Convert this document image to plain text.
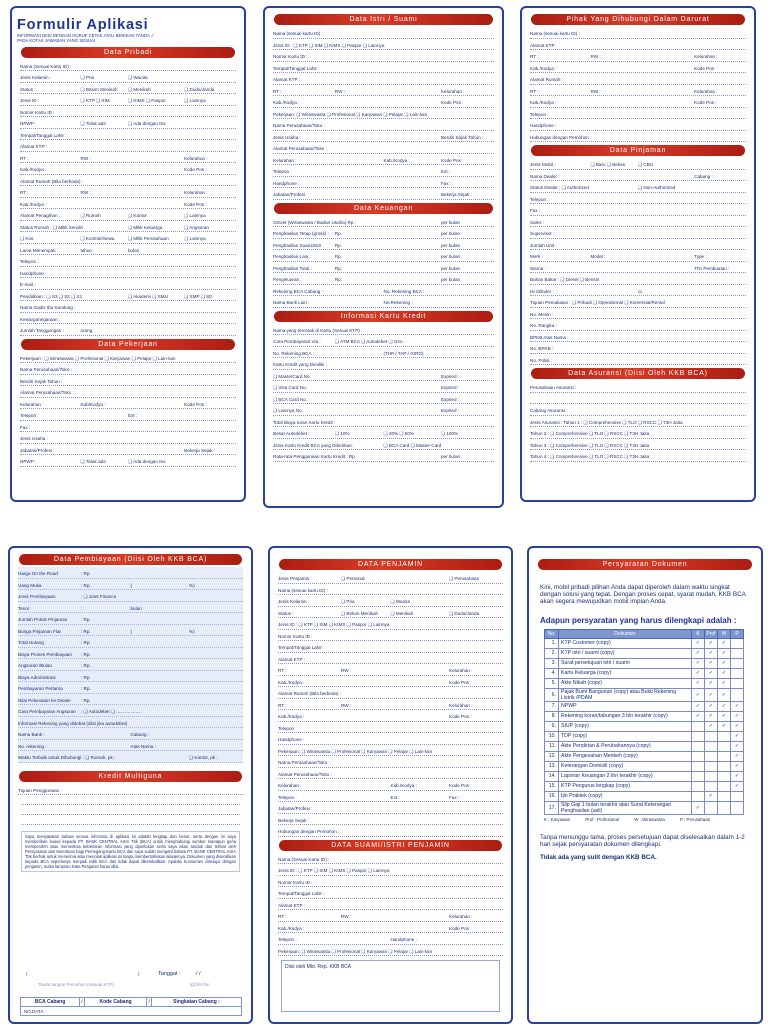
Formulir Aplikasi
INFORMASI DIISI DENGAN HURUF CETAK ATAU BERIKAN TANDA ✓
PADA KOTAK JAWABAN YANG SESUAI
Data Pribadi
Nama (Sesuai Kartu ID) :
Jenis Kelamin :	❑ Pria	❑ Wanita
Status :	❑ Belum Menikah ❑ Menikah	❑ Duda/Janda
Jenis ID :	❑ KTP ❑ SIM	❑ KIMS ❑ Paspor	❑ Lainnya
Nomor Kartu ID :
NPWP :	❑ Tidak ada	❑ Ada dengan No.
Tempat/Tanggal Lahir :
Alamat KTP :
RT :	RW :	Kelurahan :
Kab./Kodya :	Kode Pos :
Alamat Rumah (Bila berbeda) :
RT :	RW :	Kelurahan :
Kab./Kodya :	Kode Pos :
Alamat Penagihan :	❑ Rumah	❑ Kantor	❑ Lainnya
Status Rumah : ❑ Milik Sendiri	❑ Milik Keluarga	❑ Angsuran
❑ Kos	❑ Kontrak/Sewa	❑ Milik Perusahaan	❑ Lainnya
Lama Menempati :	tahun	bulan
Telepon :
Handphone :
E-mail :
Pendidikan : ❑ S3 ❑ S2 ❑ S1	❑ Akademi ❑ SMU	❑ SMP ❑ SD
Nama Gadis Ibu Kandung :
Kewarganegaraan :
Jumlah Tanggungan :	orang
Data Pekerjaan
Pekerjaan : ❑ Wiraswasta ❑ Profesional ❑ Karyawan ❑ Pelajar ❑ Lain-lain
Nama Perusahaan/Toko :
Berdiri Sejak Tahun :
Alamat Perusahaan/Toko :
Kelurahan :	Kab/Kodya :	Kode Pos :
Telepon :	Ext :
Fax :
Jenis Usaha :
Jabatan/Profesi :	Bekerja Sejak :
NPWP :	❑ Tidak ada	❑ Ada dengan No.
Data Istri / Suami
Nama (sesuai kartu ID) :
Jenis ID : ❑ KTP ❑ SIM ❑ KIMS ❑ Paspor ❑ Lainnya
Nomor Kartu ID :
Tempat/Tanggal Lahir :
Alamat KTP :
RT :	RW :	Kelurahan :
Kab./Kodya :	Kode Pos :
Pekerjaan: ❑ Wiraswasta ❑ Profesional ❑ Karyawan ❑ Pelajar ❑ Lain-lain
Nama Perusahaan/Toko :
Jenis Usaha :	Berdiri Sejak Tahun :
Alamat Perusahaan/Toko :
Kelurahan :	Kab./Kodya :	Kode Pos :
Telepon :	Ext :
Handphone :	Fax :
Jabatan/Profesi :	Bekerja Sejak :
Data Keuangan
Omzet (Wiraswasta / Badan Usaha) Rp :	per bulan
Penghasilan Tetap (gross) : Rp.	per bulan
Penghasilan Suami/Istri : Rp.	per bulan
Penghasilan Lain :	Rp.	per bulan
Penghasilan Total :	Rp.	per bulan
Pengeluaran :	Rp.	per bulan
Rekening BCA Cabang :	No. Rekening BCA :
Nama Bank Lain :	No.Rekening :
Informasi Kartu Kredit
Nama yang tercetak di Kartu (Sesuai KTP) :
Cara Pembayaran Via :	❑ ATM BCA ❑ Autodebet ❑ Giro
No. Rekening BCA :	(THP / TAP / GIRO)
Kartu Kredit yang Dimiliki :
❑ MasterCard No.	Expired :
❑ Visa Card No.	Expired :
❑ BCA Card No.	Expired :
❑ Lainnya No.	Expired :
Total Biaya Iuran Kartu Kredit :
Besar Autodebet :	❑ 10%	❑ 30% ❑ 50%	❑ 100%
Jenis Kartu Kredit BCA yang Diberikan :	❑ BCA Card ❑ Master Card
Rata-rata Penggunaan Kartu Kredit : Rp	per bulan
Pihak Yang Dihubungi Dalam Darurat
Nama (sesuai kartu ID) :
Alamat KTP :
RT :	RW :	Kelurahan :
Kab./Kodya :	Kode Pos :
Alamat Rumah :
RT :	RW :	Kelurahan :
Kab./Kodya :	Kode Pos :
Telepon :
Handphone :
Hubungan dengan Pemohon :
Data Pinjaman
Jenis Mobil :	❑ Baru ❑ Bekas	❑ CBU
Nama Dealer :	Cabang :
Status Dealer : ❑ Authorized	❑ Non-Authorized
Telepon :
Fax :
Sales :
Supervisor :
Jumlah Unit :
Merk :	Model :	Type :
Warna :	Thn Pembuatan :
Bahan Bakar : ❑ Diesel ❑ Bensin
Isi Silinder :	cc
Tujuan Pemakaian : ❑ Pribadi ❑ Operasional ❑ Komersial/Rental
No. Mesin :
No. Rangka :
BPKB Atas Nama :
No. BPKB :
No. Polisi :
Data Asuransi (Diisi Oleh KKB BCA)
Perusahaan Asuransi :
Cabang Asuransi :
Jenis Asuransi : Tahun 1 : ❑ Comprehensive ❑ TLO ❑ RSCC ❑ T3H Jaita
Tahun 2 : ❑ Comprehensive ❑ TLO ❑ RSCC ❑ T3H Jaita
Tahun 3 : ❑ Comprehensive ❑ TLO ❑ RSCC ❑ T3H Jaita
Tahun 4 : ❑ Comprehensive ❑ TLO ❑ RSCC ❑ T3H Jaita
Data Pembiayaan (Diisi Oleh KKB BCA)
Harga On the Road	: Rp.
Uang Muka	: Rp.	(	%)
Jenis Pembiayaan	: ❑ Joint Finance
Tenor	:	bulan
Jumlah Pokok Pinjaman	: Rp.
Bunga Pinjaman Flat	: Rp.	(	%)
Total Hutang	: Rp.
Biaya Proses Pembiayaan : Rp.
Angsuran /Bulan	: Rp.
Biaya Administrasi	: Rp.
Pembayaran Pertama	: Rp.
Nilai Pelunasan ke Dealer : Rp.
Cara Pembayaran Angsuran : ❑ Autodebet ❑ ....................
Informasi Rekening yang didebet (diisi jika autodebet)
Nama Bank :	Cabang :
No. rekening :	Atas Nama :
Waktu Terbaik untuk Dihubungi : ❑ Rumah, pk :	❑ Kantor, pk :
Kredit Multiguna
Tujuan Penggunaan :
Saya menyatakan bahwa semua informasi di aplikasi ini adalah lengkap dan benar, serta dengan ini saya memberikan kuasa kepada PT. BANK CENTRAL ASIA Tbk (BCA) untuk menghubungi sumber manapun guna memperoleh atau memeriksa kebenaran informasi yang diperlukan serta saya akan tunduk dan terikat oleh Persyaratan dan Ketentuan bagi Pemegang Kartu BCA dan saya sudah mengerti bahwa PT. BANK CENTRAL ASIA Tbk berhak untuk menerima atau menolak aplikasi ini tanpa memberitahukan alasannya. Dokumen yang diserahkan kepada BCA seperlunya menjadi milik BCA dan tidak dapat dikembalikan. Apabila Konsumen disetujui dengan penjamin, maka lampiran Data Penjamin harus diisi.
(	)	Tanggal :	/ /
Tanda tangan Pemohon (Sesuai KTP)	tgl bln thn
BCA Cabang	/	Kode Cabang	/	Singkatan Cabang :
NO.DATA :
DATA PENJAMIN
Jenis Penjamin :	❑ Personal	❑ Perusahaan
Nama (sesuai kartu ID) :
Jenis Kelamin :	❑ Pria	❑ Wanita
Status :	❑ Belum Menikah	❑ Menikah	❑ Duda/Janda
Jenis ID : ❑ KTP ❑ SIM ❑ KIMS ❑ Paspor ❑ Lainnya
Nomor Kartu ID :
Tempat/Tanggal Lahir :
Alamat KTP :
RT :	RW :	Kelurahan :
Kab./Kodya :	Kode Pos :
Alamat Rumah (Bila berbeda) :
RT :	RW :	Kelurahan :
Kab./Kodya :	Kode Pos :
Telepon :
Handphone :
Pekerjaan: ❑ Wiraswasta ❑ Profesional ❑ Karyawan ❑ Pelajar ❑ Lain-lain
Nama Perusahaan/Toko :
Alamat Perusahaan/Toko :
Kelurahan :	Kab./Kodya :	Kode Pos :
Telepon :	Ext :	Fax :
Jabatan/Profesi :
Bekerja Sejak :
Hubungan dengan Pemohon :
DATA SUAMI/ISTRI PENJAMIN
Nama (Sesuai Kartu ID) :
Jenis ID : ❑ KTP ❑ SIM ❑ KIMS ❑ Paspor ❑ Lainnya
Nomor Kartu ID :
Tempat/Tanggal Lahir :
Alamat KTP :
RT :	RW :	Kelurahan :
Kab./Kodya :	Kode Pos :
Telepon :	Handphone :
Pekerjaan: ❑ Wiraswasta ❑ Profesional ❑ Karyawan ❑ Pelajar ❑ Lain-lain
Diisi oleh Mkt. Rep. KKB BCA
Persyaratan Dokumen
Kini, mobil pribadi pilihan Anda dapat diperoleh dalam waktu singkat dengan solusi yang tepat. Dengan proses cepat, syarat mudah, KKB BCA akan segera mewujudkan mobil impian Anda.
Adapun persyaratan yang harus dilengkapi adalah :
No.	Dokumen	K	Prof	W	P
1.	KTP Customer (copy)	✓	✓	✓	
2.	KTP istri / suami (copy)	✓	✓	✓	
3.	Surat persetujuan istri / suami	✓	✓	✓	
4.	Kartu Keluarga (copy)	✓	✓	✓	
5.	Akte Nikah (copy)	✓	✓	✓	
6.	Pajak Bumi Bangunan (copy) atau Bukti Rekening Listrik /PDAM	✓	✓	✓	
7.	NPWP	✓	✓	✓	✓
8.	Rekening koran/tabungan 3 bln terakhir (copy)	✓	✓	✓	✓
9.	SIUP (copy)		✓	✓	✓
10.	TDP (copy)				✓
11.	Akte Pendirian & Perubahannya (copy)				✓
12.	Akte Pengesahan Menkeh (copy)				✓
13.	Keterangan Domisili (copy)				✓
14.	Laporan Keuangan 2 thn terakhir (copy)				✓
15.	KTP Pengurus lengkap (copy)				✓
16.	Ijin Praktek (copy)		✓		
17.	Slip Gaji 1 bulan terakhir atau Surat Keterangan Penghasilan (asli)	✓			
K : Karyawan	Prof : Profesional	W : Wiraswasta	P : Perusahaan
Tanpa menunggu lama, proses persetujuan dapat diselesaikan dalam 1-2 hari sejak persyaratan dokumen dilengkapi.
Tidak ada yang sulit dengan KKB BCA.
